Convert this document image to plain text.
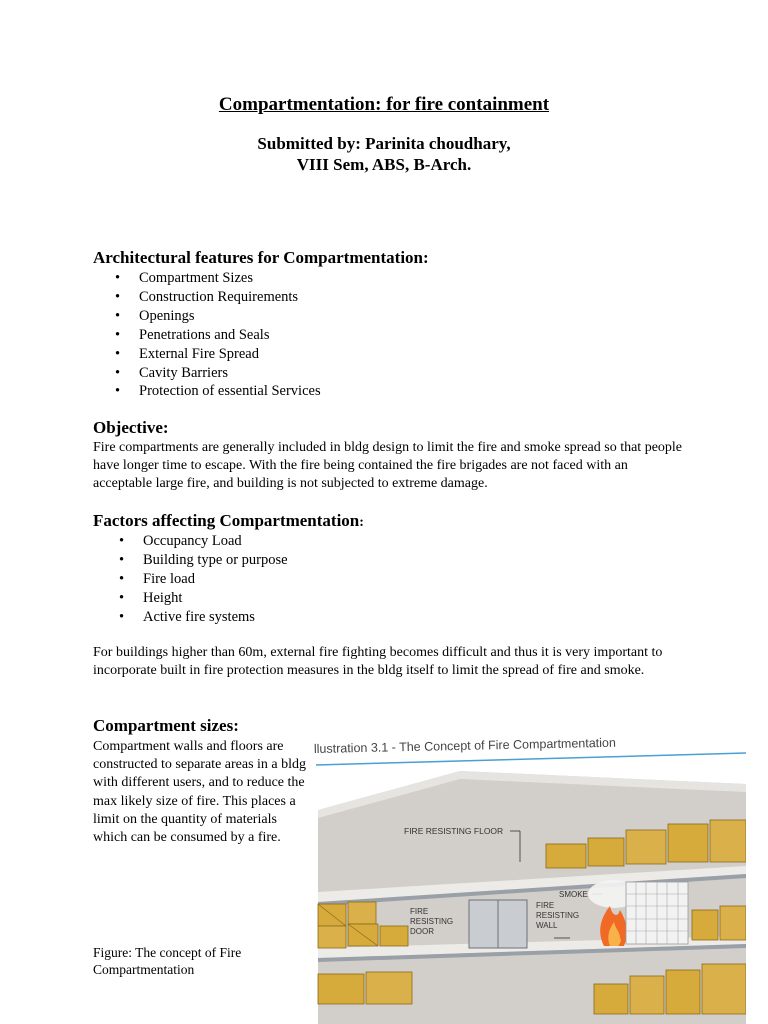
Compartmentation: for fire containment
Submitted by: Parinita choudhary,
VIII Sem, ABS, B-Arch.
Architectural features for Compartmentation:
• Compartment Sizes
• Construction Requirements
• Openings
• Penetrations and Seals
• External Fire Spread
• Cavity Barriers
• Protection of essential Services
Objective:
Fire compartments are generally included in bldg design to limit the fire and smoke spread so that people have longer time to escape. With the fire being contained the fire brigades are not faced with an acceptable large fire, and building is not subjected to extreme damage.
Factors affecting Compartmentation:
• Occupancy Load
• Building type or purpose
• Fire load
• Height
• Active fire systems
For buildings higher than 60m, external fire fighting becomes difficult and thus it is very important to incorporate built in fire protection measures in the bldg itself to limit the spread of fire and smoke.
Compartment sizes:
Compartment walls and floors are constructed to separate areas in a bldg with different users, and to reduce the max likely size of fire. This places a limit on the quantity of materials which can be consumed by a fire.
Figure: The concept of Fire Compartmentation
llustration 3.1 - The Concept of Fire Compartmentation
FIRE RESISTING FLOOR
FIRE
RESISTING
DOOR
SMOKE
FIRE
RESISTING
WALL
